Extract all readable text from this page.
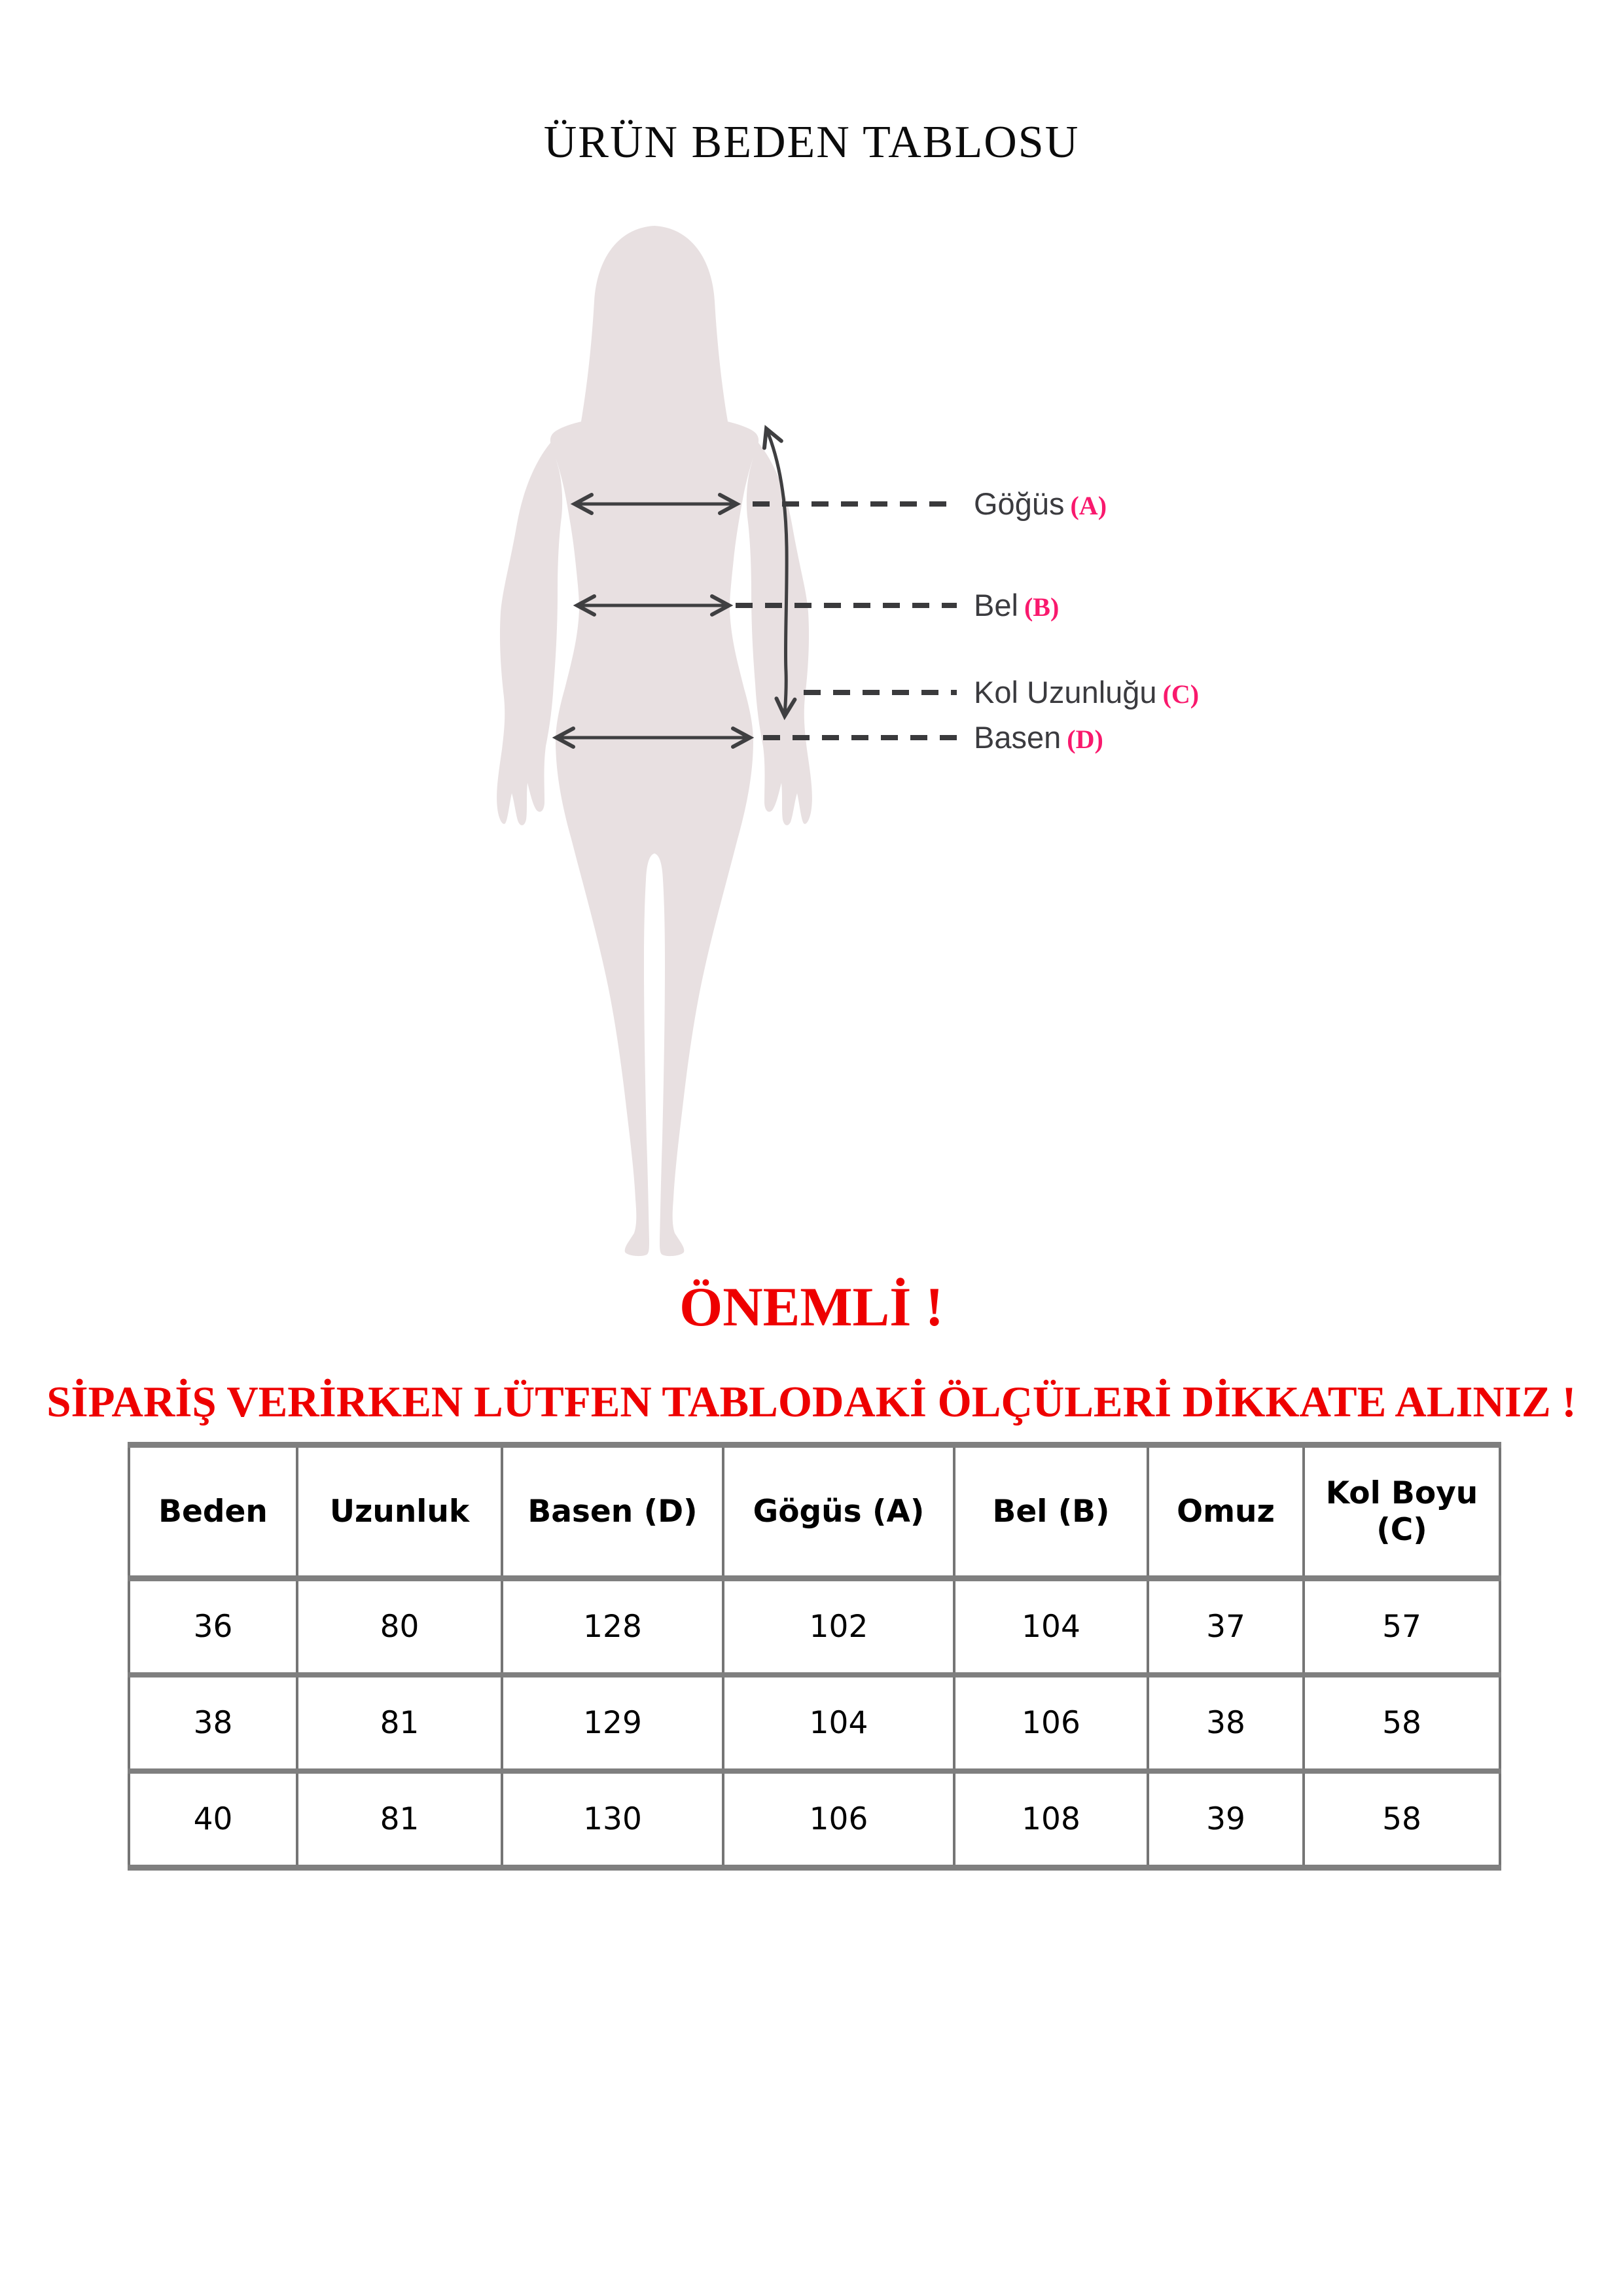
ÜRÜN BEDEN TABLOSU
Göğüs (A)
Bel (B)
Kol Uzunluğu (C)
Basen (D)
ÖNEMLİ !
SİPARİŞ VERİRKEN LÜTFEN TABLODAKİ ÖLÇÜLERİ DİKKATE ALINIZ !
Beden	Uzunluk	Basen (D)	Gögüs (A)	Bel (B)	Omuz	Kol Boyu (C)
36	80	128	102	104	37	57
38	81	129	104	106	38	58
40	81	130	106	108	39	58
